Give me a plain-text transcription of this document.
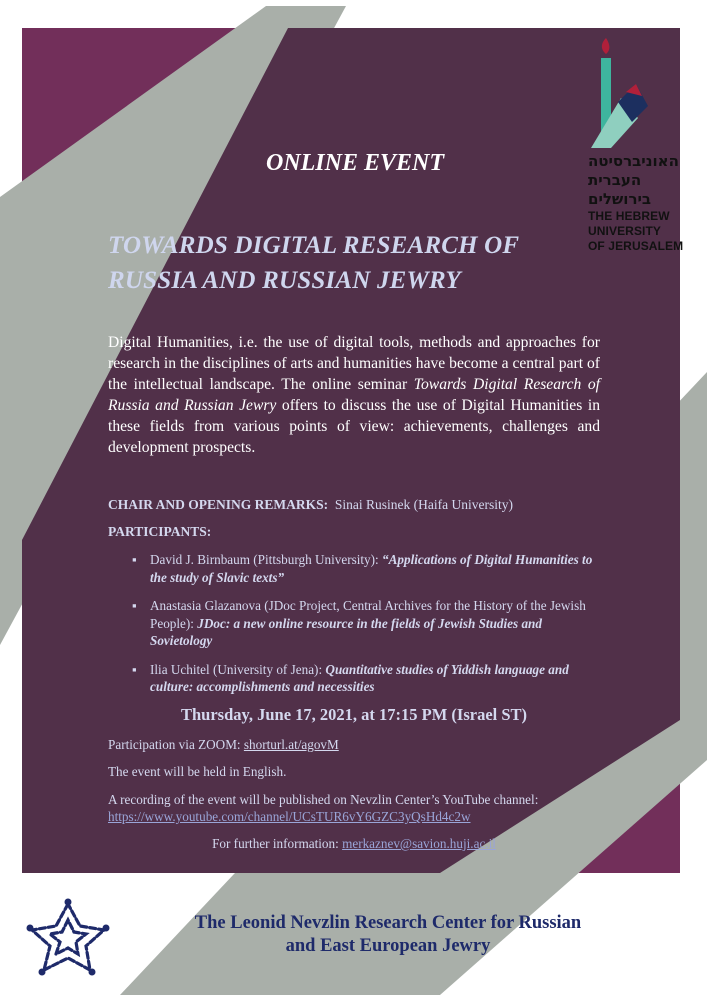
האוניברסיטה
העברית
בירושלים
THE HEBREW
UNIVERSITY
OF JERUSALEM
ONLINE EVENT
TOWARDS DIGITAL RESEARCH OF RUSSIA AND RUSSIAN JEWRY
Digital Humanities, i.e. the use of digital tools, methods and approaches for research in the disciplines of arts and humanities have become a central part of the intellectual landscape. The online seminar Towards Digital Research of Russia and Russian Jewry offers to discuss the use of Digital Humanities in these fields from various points of view: achievements, challenges and development prospects.
CHAIR AND OPENING REMARKS: Sinai Rusinek (Haifa University)
PARTICIPANTS:
▪ David J. Birnbaum (Pittsburgh University): “Applications of Digital Humanities to the study of Slavic texts”
▪ Anastasia Glazanova (JDoc Project, Central Archives for the History of the Jewish People): JDoc: a new online resource in the fields of Jewish Studies and Sovietology
▪ Ilia Uchitel (University of Jena): Quantitative studies of Yiddish language and culture: accomplishments and necessities
Thursday, June 17, 2021, at 17:15 PM (Israel ST)
Participation via ZOOM: shorturl.at/agovM
The event will be held in English.
A recording of the event will be published on Nevzlin Center’s YouTube channel:
https://www.youtube.com/channel/UCsTUR6vY6GZC3yQsHd4c2w
For further information: merkaznev@savion.huji.ac.il
The Leonid Nevzlin Research Center for Russian
and East European Jewry
